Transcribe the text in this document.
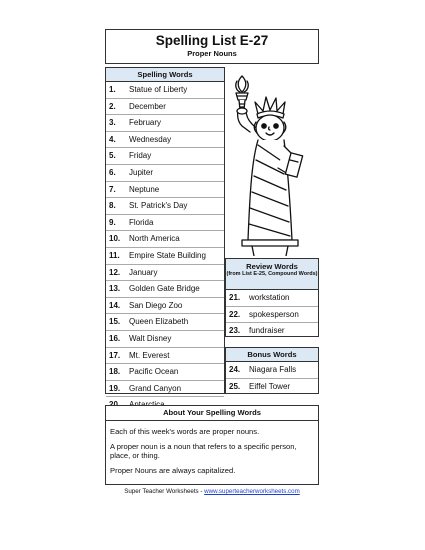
Spelling List E-27
Proper Nouns
Spelling Words
1. Statue of Liberty
2. December
3. February
4. Wednesday
5. Friday
6. Jupiter
7. Neptune
8. St. Patrick's Day
9. Florida
10. North America
11. Empire State Building
12. January
13. Golden Gate Bridge
14. San Diego Zoo
15. Queen Elizabeth
16. Walt Disney
17. Mt. Everest
18. Pacific Ocean
19. Grand Canyon
Review Words
(from List E-25, Compound Words)
21. workstation
22. spokesperson
23. fundraiser
Bonus Words
24. Niagara Falls
25. Eiffel Tower
About Your Spelling Words
Each of this week's words are proper nouns.
A proper noun is a noun that refers to a specific person, place, or thing.
Proper Nouns are always capitalized.
Super Teacher Worksheets - www.superteacherworksheets.com
